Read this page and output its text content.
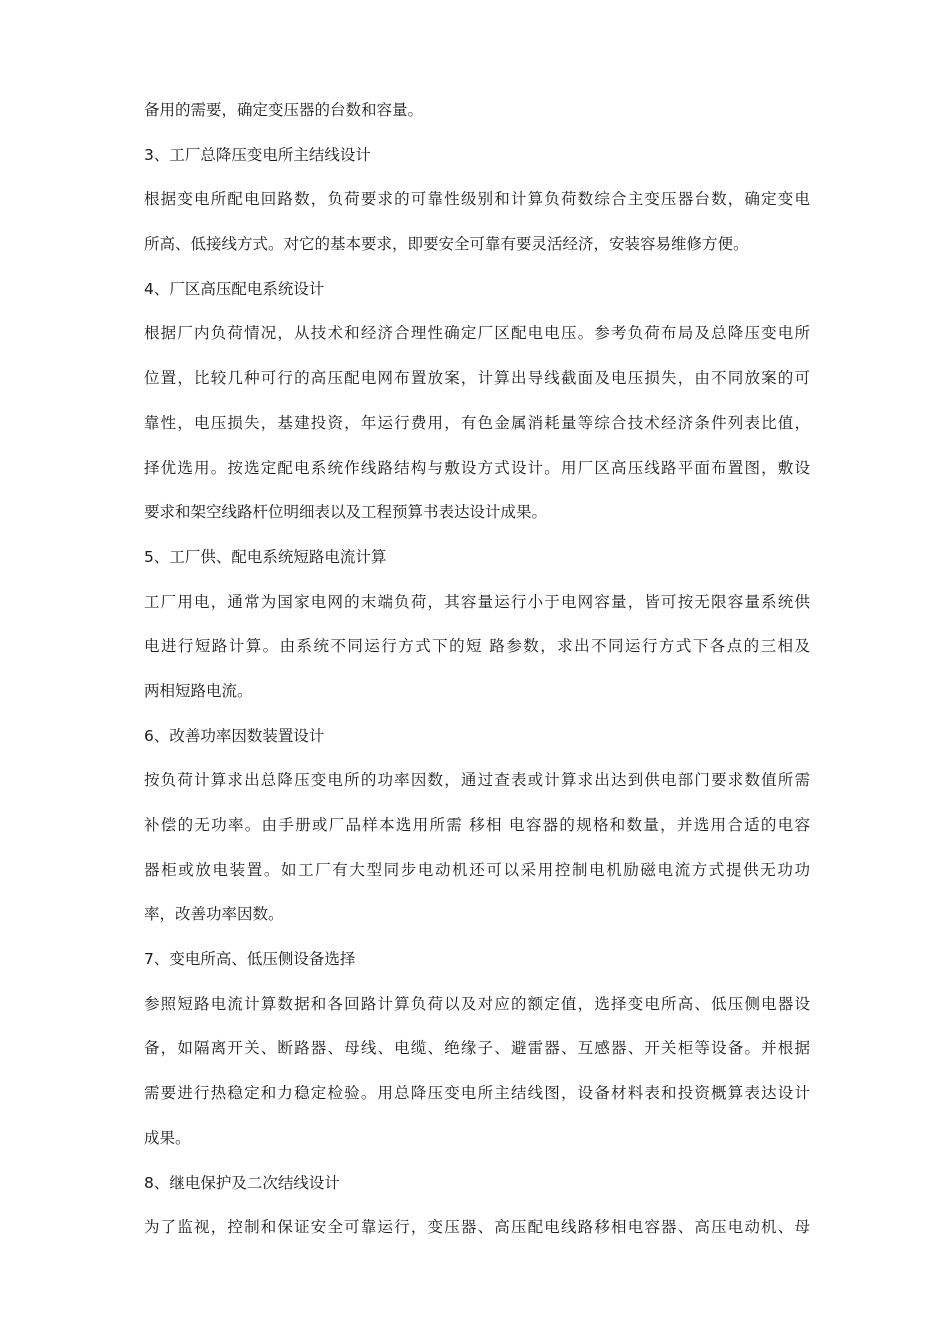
备用的需要，确定变压器的台数和容量。
3、工厂总降压变电所主结线设计
根据变电所配电回路数，负荷要求的可靠性级别和计算负荷数综合主变压器台数，确定变电
所高、低接线方式。对它的基本要求，即要安全可靠有要灵活经济，安装容易维修方便。
4、厂区高压配电系统设计
根据厂内负荷情况，从技术和经济合理性确定厂区配电电压。参考负荷布局及总降压变电所
位置，比较几种可行的高压配电网布置放案，计算出导线截面及电压损失，由不同放案的可
靠性，电压损失，基建投资，年运行费用，有色金属消耗量等综合技术经济条件列表比值，
择优选用。按选定配电系统作线路结构与敷设方式设计。用厂区高压线路平面布置图，敷设
要求和架空线路杆位明细表以及工程预算书表达设计成果。
5、工厂供、配电系统短路电流计算
工厂用电，通常为国家电网的末端负荷，其容量运行小于电网容量，皆可按无限容量系统供
电进行短路计算。由系统不同运行方式下的短 路参数，求出不同运行方式下各点的三相及
两相短路电流。
6、改善功率因数装置设计
按负荷计算求出总降压变电所的功率因数，通过查表或计算求出达到供电部门要求数值所需
补偿的无功率。由手册或厂品样本选用所需 移相 电容器的规格和数量，并选用合适的电容
器柜或放电装置。如工厂有大型同步电动机还可以采用控制电机励磁电流方式提供无功功
率，改善功率因数。
7、变电所高、低压侧设备选择
参照短路电流计算数据和各回路计算负荷以及对应的额定值，选择变电所高、低压侧电器设
备，如隔离开关、断路器、母线、电缆、绝缘子、避雷器、互感器、开关柜等设备。并根据
需要进行热稳定和力稳定检验。用总降压变电所主结线图，设备材料表和投资概算表达设计
成果。
8、继电保护及二次结线设计
为了监视，控制和保证安全可靠运行，变压器、高压配电线路移相电容器、高压电动机、母
